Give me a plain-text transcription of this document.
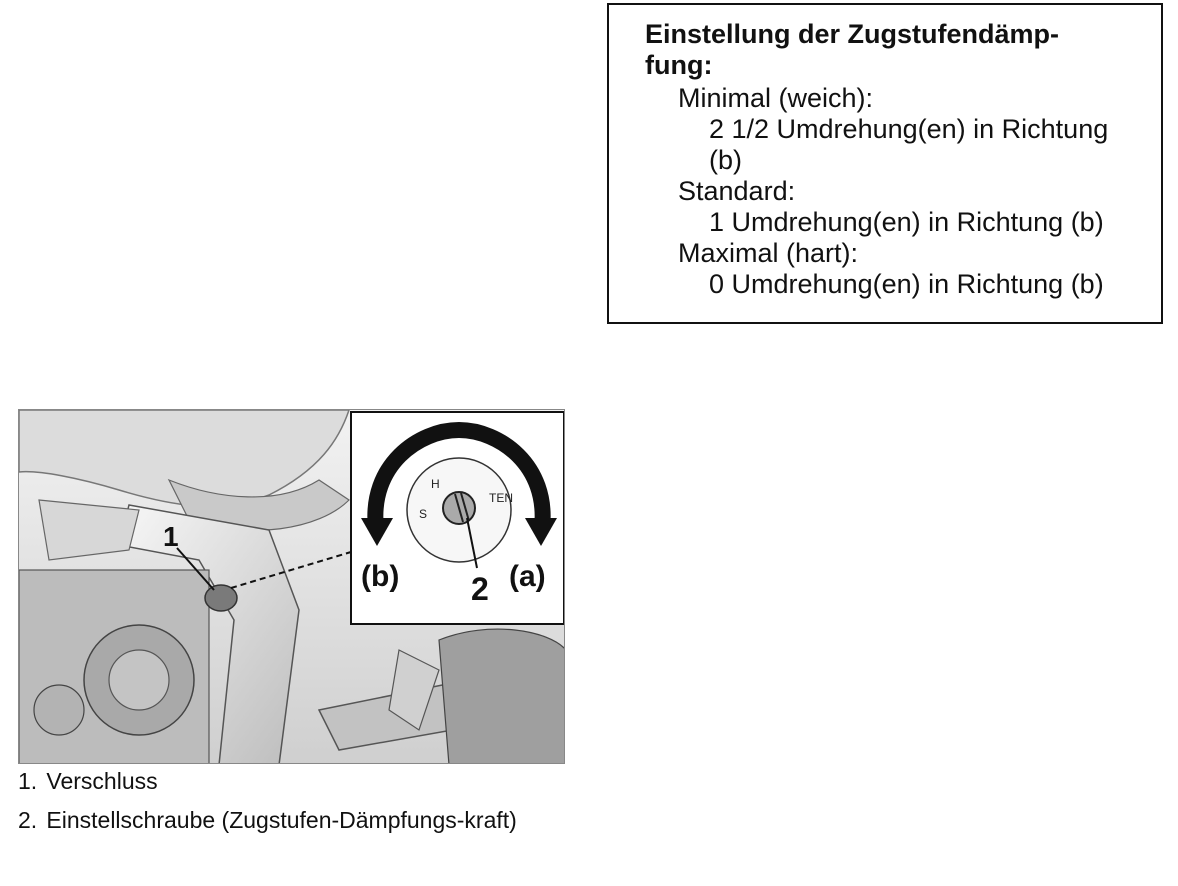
Einstellung der Zugstufendämp-
fung:
Minimal (weich):
2 1/2 Umdrehung(en) in Richtung
(b)
Standard:
1 Umdrehung(en) in Richtung (b)
Maximal (hart):
0 Umdrehung(en) in Richtung (b)
1
H
S
TEN
2
(b)	(a)
1. Verschluss
2. Einstellschraube (Zugstufen-Dämpfungs-kraft)
